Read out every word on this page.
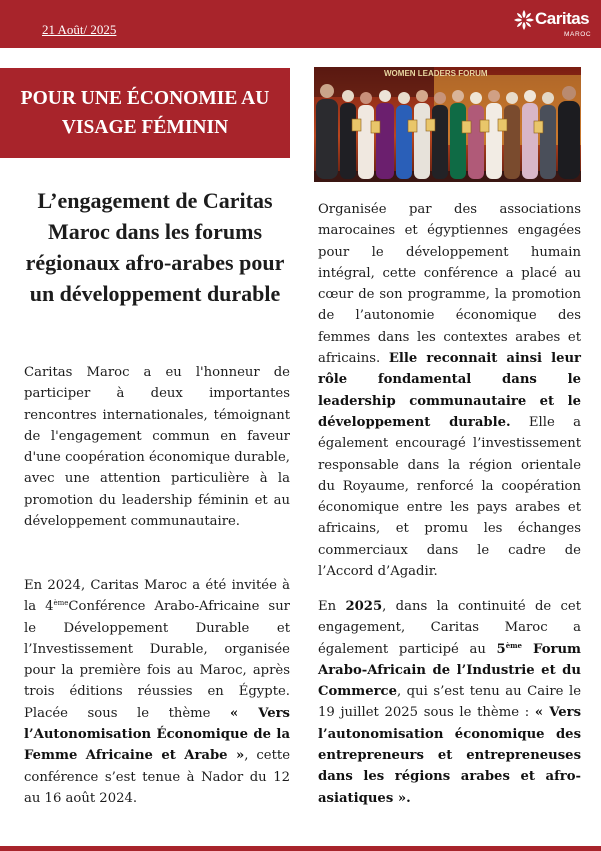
21 Août/ 2025
Caritas
MAROC
POUR UNE ÉCONOMIE AU VISAGE FÉMININ
WOMEN LEADERS FORUM
L’engagement de Caritas Maroc dans les forums régionaux afro-arabes pour un développement durable

Caritas Maroc a eu l'honneur de participer à deux importantes rencontres internationales, témoignant de l'engagement commun en faveur d'une coopération économique durable, avec une attention particulière à la promotion du leadership féminin et au développement communautaire.

En 2024, Caritas Maroc a été invitée à la 4èmeConférence Arabo-Africaine sur le Développement Durable et l’Investissement Durable, organisée pour la première fois au Maroc, après trois éditions réussies en Égypte. Placée sous le thème « Vers l’Autonomisation Économique de la Femme Africaine et Arabe », cette conférence s’est tenue à Nador du 12 au 16 août 2024.

Organisée par des associations marocaines et égyptiennes engagées pour le développement humain intégral, cette conférence a placé au cœur de son programme, la promotion de l’autonomie économique des femmes dans les contextes arabes et africains. Elle reconnait ainsi leur rôle fondamental dans le leadership communautaire et le développement durable. Elle a également encouragé l’investissement responsable dans la région orientale du Royaume, renforcé la coopération économique entre les pays arabes et africains, et promu les échanges commerciaux dans le cadre de l’Accord d’Agadir.

En 2025, dans la continuité de cet engagement, Caritas Maroc a également participé au 5ème Forum Arabo-Africain de l’Industrie et du Commerce, qui s’est tenu au Caire le 19 juillet 2025 sous le thème : « Vers l’autonomisation économique des entrepreneurs et entrepreneuses dans les régions arabes et afro-asiatiques ».
